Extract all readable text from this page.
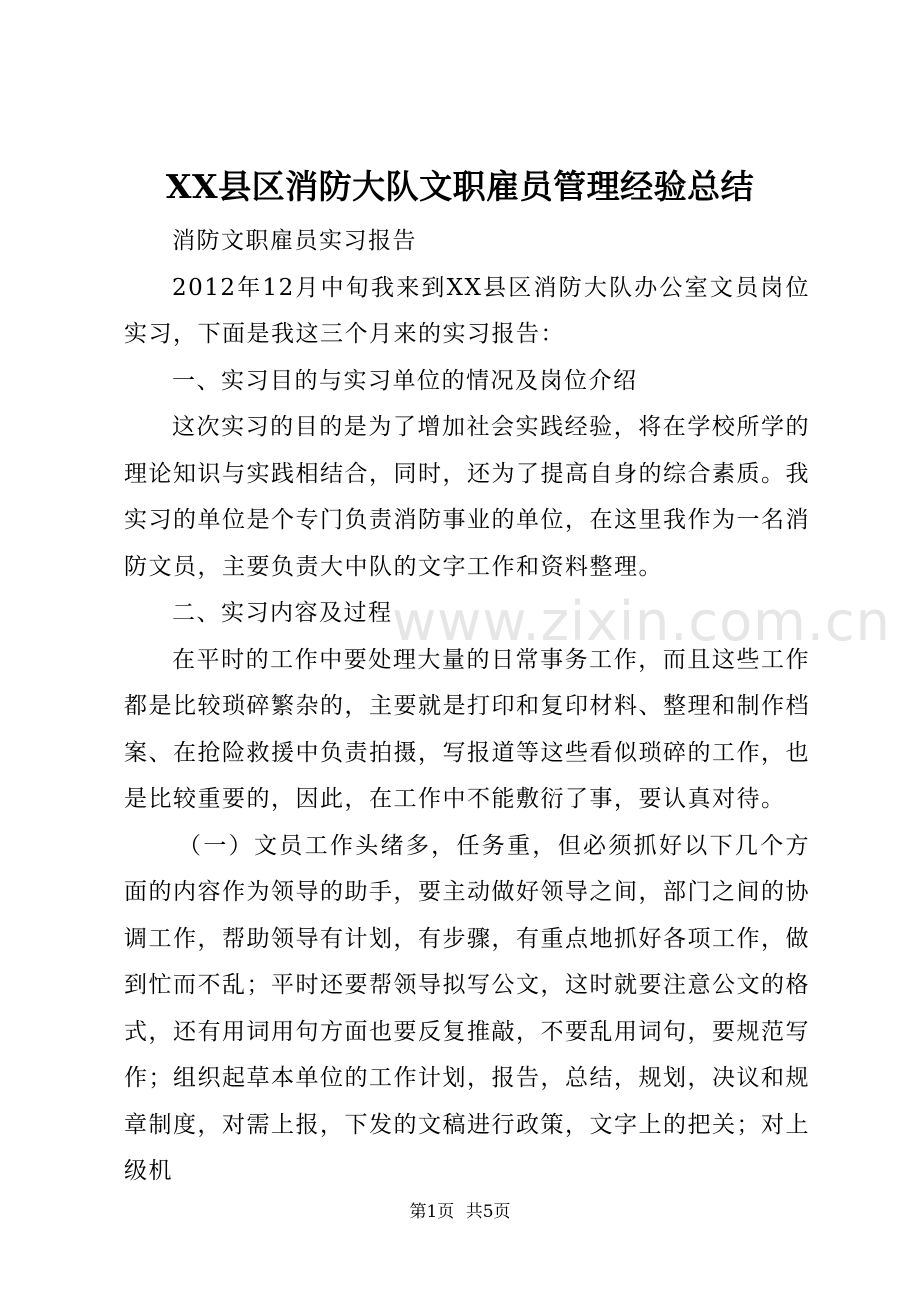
www.zixin.com.cn
XX县区消防大队文职雇员管理经验总结

消防文职雇员实习报告

2012年12月中旬我来到XX县区消防大队办公室文员岗位实习，下面是我这三个月来的实习报告：

一、实习目的与实习单位的情况及岗位介绍

这次实习的目的是为了增加社会实践经验，将在学校所学的理论知识与实践相结合，同时，还为了提高自身的综合素质。我实习的单位是个专门负责消防事业的单位，在这里我作为一名消防文员，主要负责大中队的文字工作和资料整理。

二、实习内容及过程

在平时的工作中要处理大量的日常事务工作，而且这些工作都是比较琐碎繁杂的，主要就是打印和复印材料、整理和制作档案、在抢险救援中负责拍摄，写报道等这些看似琐碎的工作，也是比较重要的，因此，在工作中不能敷衍了事，要认真对待。

（一）文员工作头绪多，任务重，但必须抓好以下几个方面的内容作为领导的助手，要主动做好领导之间，部门之间的协调工作，帮助领导有计划，有步骤，有重点地抓好各项工作，做到忙而不乱；平时还要帮领导拟写公文，这时就要注意公文的格式，还有用词用句方面也要反复推敲，不要乱用词句，要规范写作；组织起草本单位的工作计划，报告，总结，规划，决议和规章制度，对需上报，下发的文稿进行政策，文字上的把关；对上级机

第1页 共5页
